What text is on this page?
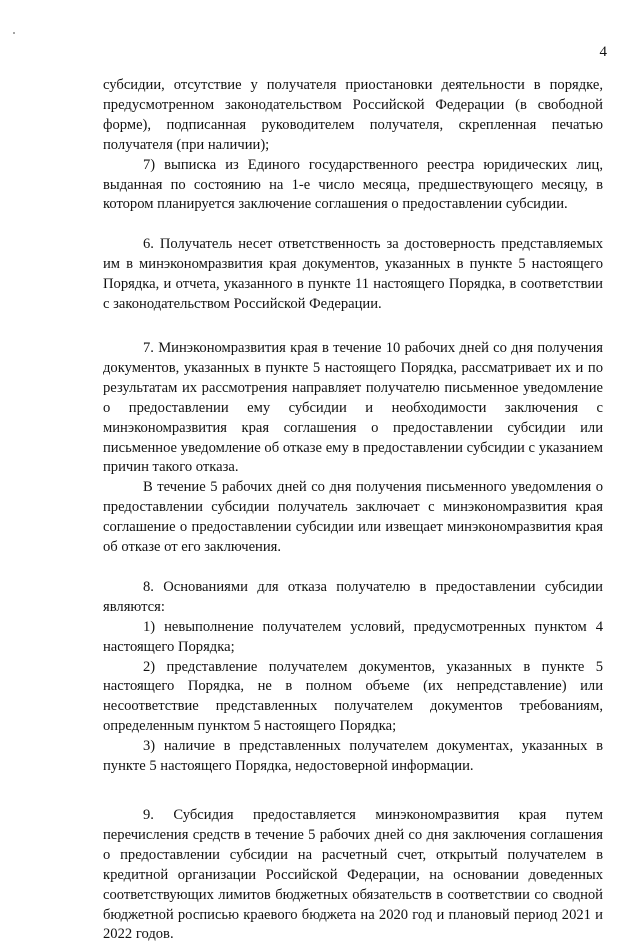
4

субсидии, отсутствие у получателя приостановки деятельности в порядке, предусмотренном законодательством Российской Федерации (в свободной форме), подписанная руководителем получателя, скрепленная печатью получателя (при наличии);

7) выписка из Единого государственного реестра юридических лиц, выданная по состоянию на 1-е число месяца, предшествующего месяцу, в котором планируется заключение соглашения о предоставлении субсидии.

6. Получатель несет ответственность за достоверность представляемых им в минэкономразвития края документов, указанных в пункте 5 настоящего Порядка, и отчета, указанного в пункте 11 настоящего Порядка, в соответствии с законодательством Российской Федерации.

7. Минэкономразвития края в течение 10 рабочих дней со дня получения документов, указанных в пункте 5 настоящего Порядка, рассматривает их и по результатам их рассмотрения направляет получателю письменное уведомление о предоставлении ему субсидии и необходимости заключения с минэкономразвития края соглашения о предоставлении субсидии или письменное уведомление об отказе ему в предоставлении субсидии с указанием причин такого отказа.

В течение 5 рабочих дней со дня получения письменного уведомления о предоставлении субсидии получатель заключает с минэкономразвития края соглашение о предоставлении субсидии или извещает минэкономразвития края об отказе от его заключения.

8. Основаниями для отказа получателю в предоставлении субсидии являются:

1) невыполнение получателем условий, предусмотренных пунктом 4 настоящего Порядка;

2) представление получателем документов, указанных в пункте 5 настоящего Порядка, не в полном объеме (их непредставление) или несоответствие представленных получателем документов требованиям, определенным пунктом 5 настоящего Порядка;

3) наличие в представленных получателем документах, указанных в пункте 5 настоящего Порядка, недостоверной информации.

9. Субсидия предоставляется минэкономразвития края путем перечисления средств в течение 5 рабочих дней со дня заключения соглашения о предоставлении субсидии на расчетный счет, открытый получателем в кредитной организации Российской Федерации, на основании доведенных соответствующих лимитов бюджетных обязательств в соответствии со сводной бюджетной росписью краевого бюджета на 2020 год и плановый период 2021 и 2022 годов.
